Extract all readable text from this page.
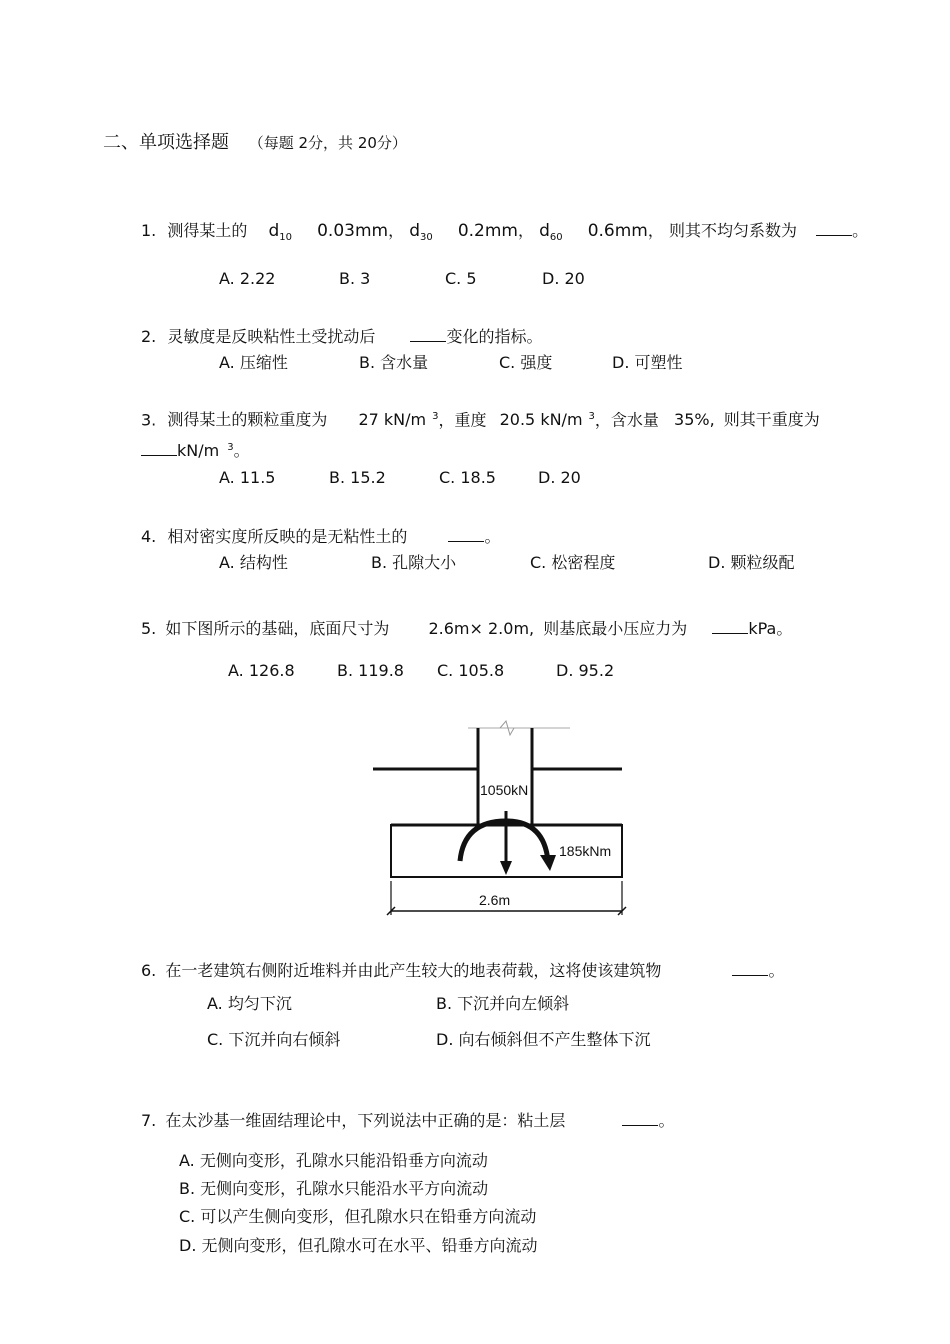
二、单项选择题 （每题 2分，共 20分）
1. 测得某土的 $d_{10}$ 0.03mm， $d_{30}$ 0.2mm， $d_{60}$ 0.6mm， 则其不均匀系数为	。
A. 2.22	B. 3	C. 5	D. 20
2. 灵敏度是反映粘性土受扰动后	变化的指标。
A. 压缩性	B. 含水量	C. 强度	D. 可塑性
3. 测得某土的颗粒重度为 27 kN/m $^3$，重度 20.5 kN/m $^3$，含水量 35%, 则其干重度为
kN/m $^3$。
A. 11.5	B. 15.2	C. 18.5	D. 20
4. 相对密实度所反映的是无粘性土的	。
A. 结构性	B. 孔隙大小	C. 松密程度	D. 颗粒级配
5. 如下图所示的基础，底面尺寸为 2.6m× 2.0m, 则基底最小压应力为	kPa。
A. 126.8	B. 119.8 C. 105.8	D. 95.2
1050kN
185kNm
2.6m
6. 在一老建筑右侧附近堆料并由此产生较大的地表荷载，这将使该建筑物	。
A. 均匀下沉	B. 下沉并向左倾斜
C. 下沉并向右倾斜	D. 向右倾斜但不产生整体下沉
7. 在太沙基一维固结理论中，下列说法中正确的是：粘土层	。
A. 无侧向变形，孔隙水只能沿铅垂方向流动
B. 无侧向变形，孔隙水只能沿水平方向流动
C. 可以产生侧向变形，但孔隙水只在铅垂方向流动
D. 无侧向变形，但孔隙水可在水平、铅垂方向流动
